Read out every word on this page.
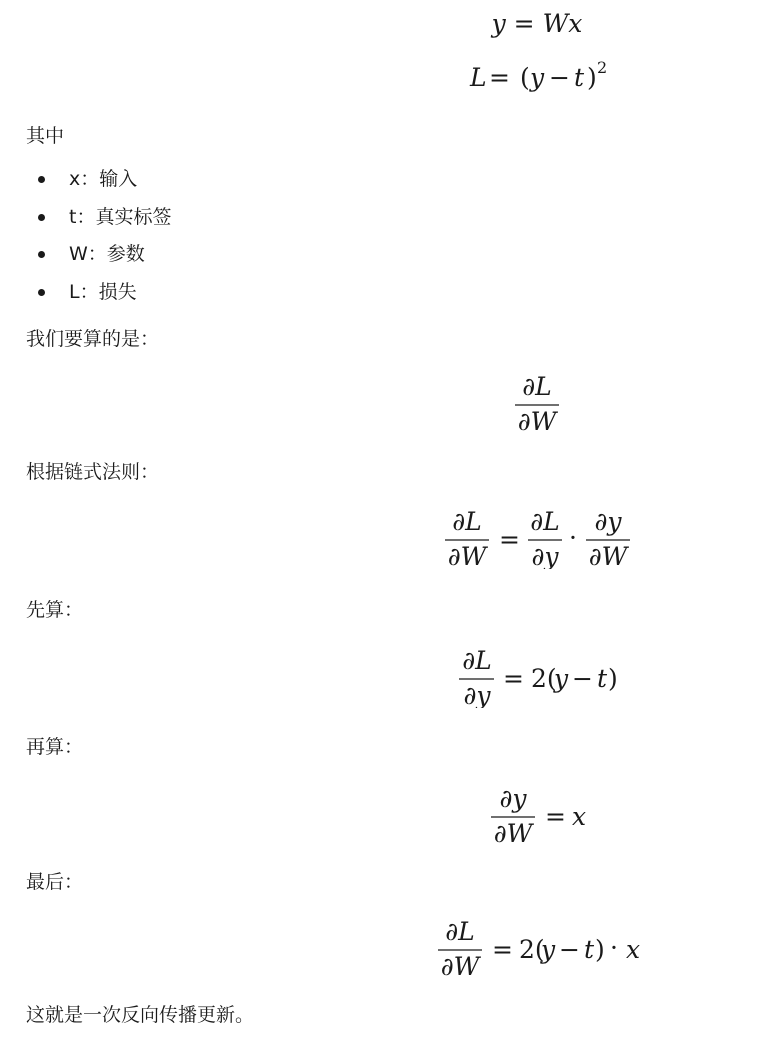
y = Wx
L = ( y − t ) 2
其中
x：输入
t：真实标签
W：参数
L：损失
我们要算的是：
∂L
∂W
根据链式法则：
∂L
∂W
=
∂L
∂y
·
∂y
∂W
先算：
∂L
∂y
= 2(
y − t )
再算：
∂y
∂W
= x
最后：
∂L
∂W
= 2(
y − t ) · x
这就是一次反向传播更新。
